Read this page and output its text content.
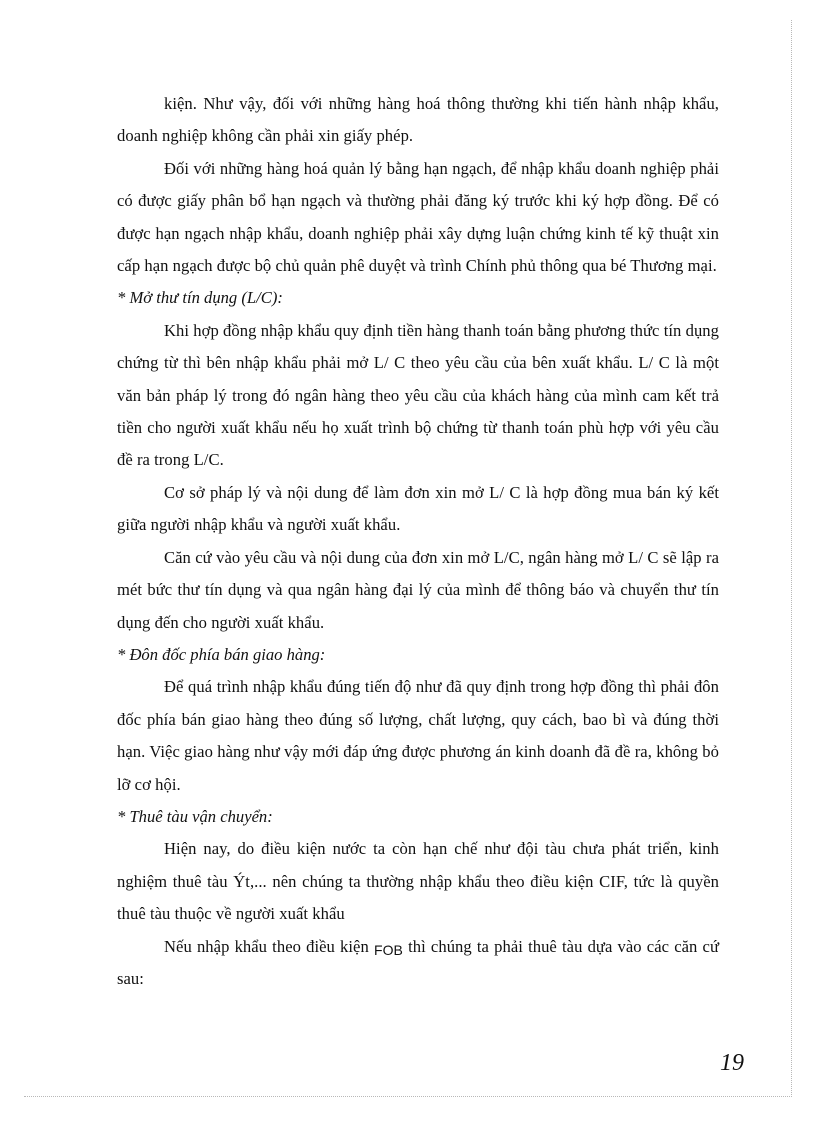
kiện. Như vậy, đối với những hàng hoá thông thường khi tiến hành nhập khẩu, doanh nghiệp không cần phải xin giấy phép.

Đối với những hàng hoá quản lý bằng hạn ngạch, để nhập khẩu doanh nghiệp phải có được giấy phân bổ hạn ngạch và thường phải đăng ký trước khi ký hợp đồng. Để có được hạn ngạch nhập khẩu, doanh nghiệp phải xây dựng luận chứng kinh tế kỹ thuật xin cấp hạn ngạch được bộ chủ quản phê duyệt và trình Chính phủ thông qua bé Thương mại.

* Mở thư tín dụng (L/C):

Khi hợp đồng nhập khẩu quy định tiền hàng thanh toán bằng phương thức tín dụng chứng từ thì bên nhập khẩu phải mở L/ C theo yêu cầu của bên xuất khẩu. L/ C là một văn bản pháp lý trong đó ngân hàng theo yêu cầu của khách hàng của mình cam kết trả tiền cho người xuất khẩu nếu họ xuất trình bộ chứng từ thanh toán phù hợp với yêu cầu đề ra trong L/C.

Cơ sở pháp lý và nội dung để làm đơn xin mở L/ C là hợp đồng mua bán ký kết giữa người nhập khẩu và người xuất khẩu.

Căn cứ vào yêu cầu và nội dung của đơn xin mở L/C, ngân hàng mở L/ C sẽ lập ra mét bức thư tín dụng và qua ngân hàng đại lý của mình để thông báo và chuyển thư tín dụng đến cho người xuất khẩu.

* Đôn đốc phía bán giao hàng:

Để quá trình nhập khẩu đúng tiến độ như đã quy định trong hợp đồng thì phải đôn đốc phía bán giao hàng theo đúng số lượng, chất lượng, quy cách, bao bì và đúng thời hạn. Việc giao hàng như vậy mới đáp ứng được phương án kinh doanh đã đề ra, không bỏ lỡ cơ hội.

* Thuê tàu vận chuyển:

Hiện nay, do điều kiện nước ta còn hạn chế như đội tàu chưa phát triển, kinh nghiệm thuê tàu Ýt,... nên chúng ta thường nhập khẩu theo điều kiện CIF, tức là quyền thuê tàu thuộc về người xuất khẩu

Nếu nhập khẩu theo điều kiện FOB thì chúng ta phải thuê tàu dựa vào các căn cứ sau:

19
